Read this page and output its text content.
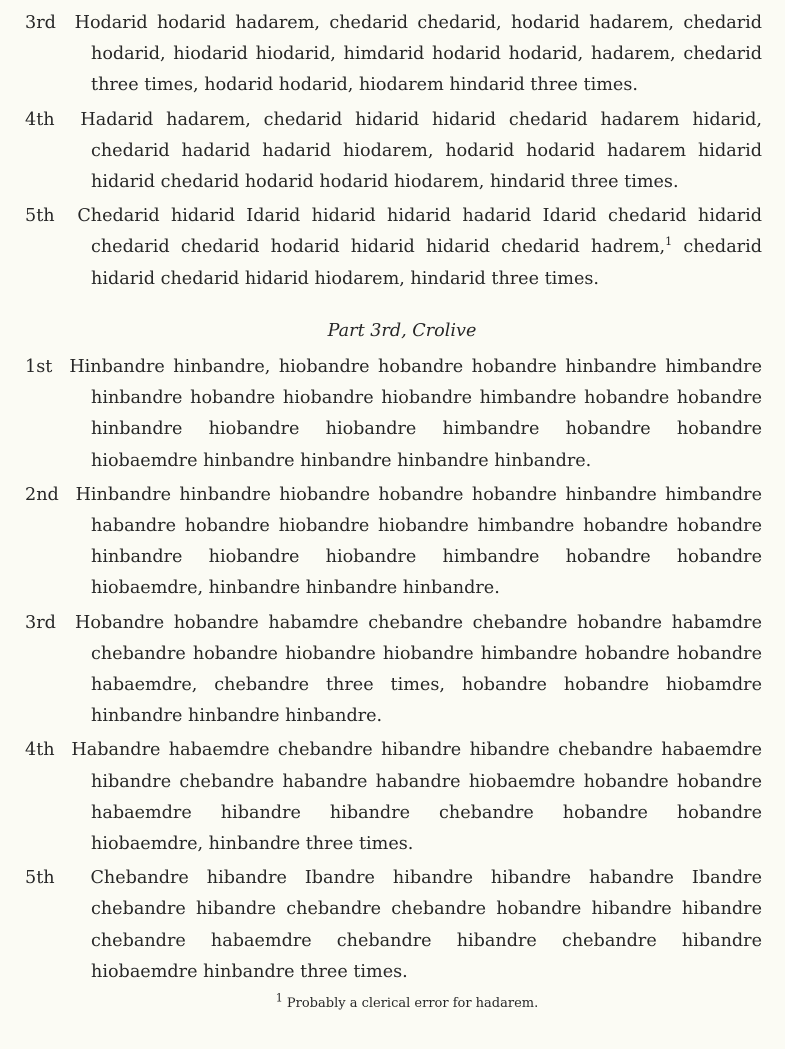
3rd Hodarid hodarid hadarem, chedarid chedarid, hodarid hadarem, chedarid hodarid, hiodarid hiodarid, himdarid hodarid hodarid, hadarem, chedarid three times, hodarid hodarid, hiodarem hindarid three times.

4th Hadarid hadarem, chedarid hidarid hidarid chedarid hadarem hidarid, chedarid hadarid hadarid hiodarem, hodarid hodarid hadarem hidarid hidarid chedarid hodarid hodarid hiodarem, hindarid three times.

5th Chedarid hidarid Idarid hidarid hidarid hadarid Idarid chedarid hidarid chedarid chedarid hodarid hidarid hidarid chedarid hadrem,$^1$ chedarid hidarid chedarid hidarid hiodarem, hindarid three times.

Part 3rd, Crolive

1st Hinbandre hinbandre, hiobandre hobandre hobandre hinbandre himbandre hinbandre hobandre hiobandre hiobandre himbandre hobandre hobandre hinbandre hiobandre hiobandre himbandre hobandre hobandre hiobaemdre hinbandre hinbandre hinbandre hinbandre.

2nd Hinbandre hinbandre hiobandre hobandre hobandre hinbandre himbandre habandre hobandre hiobandre hiobandre himbandre hobandre hobandre hinbandre hiobandre hiobandre himbandre hobandre hobandre hiobaemdre, hinbandre hinbandre hinbandre.

3rd Hobandre hobandre habamdre chebandre chebandre hobandre habamdre chebandre hobandre hiobandre hiobandre himbandre hobandre hobandre habaemdre, chebandre three times, hobandre hobandre hiobamdre hinbandre hinbandre hinbandre.

4th Habandre habaemdre chebandre hibandre hibandre chebandre habaemdre hibandre chebandre habandre habandre hiobaemdre hobandre hobandre habaemdre hibandre hibandre chebandre hobandre hobandre hiobaemdre, hinbandre three times.

5th Chebandre hibandre Ibandre hibandre hibandre habandre Ibandre chebandre hibandre chebandre chebandre hobandre hibandre hibandre chebandre habaemdre chebandre hibandre chebandre hibandre hiobaemdre hinbandre three times.

$^1$ Probably a clerical error for hadarem.
